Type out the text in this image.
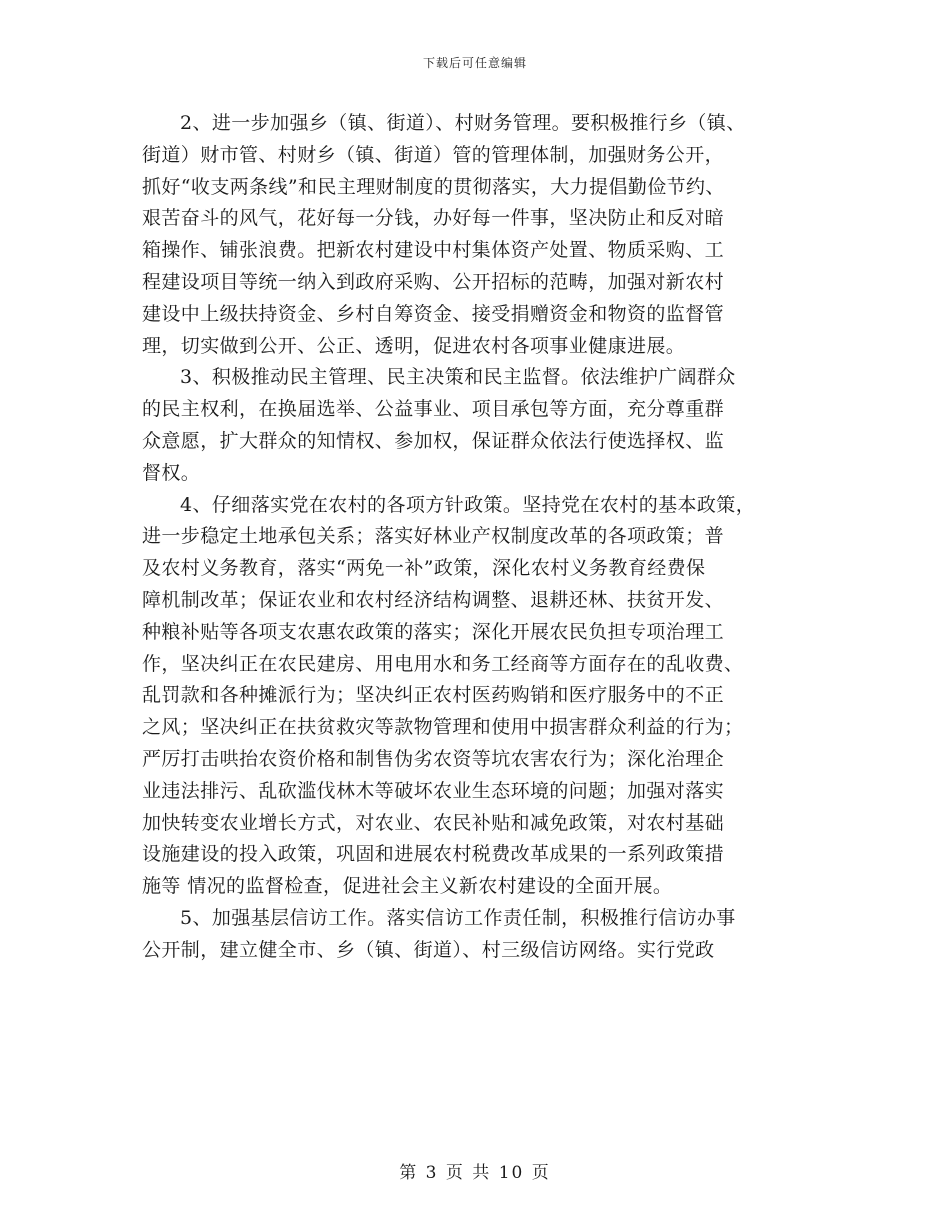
下载后可任意编辑
2、进一步加强乡（镇、街道）、村财务管理。要积极推行乡（镇、
街道）财市管、村财乡（镇、街道）管的管理体制，加强财务公开，
抓好“收支两条线”和民主理财制度的贯彻落实，大力提倡勤俭节约、
艰苦奋斗的风气，花好每一分钱，办好每一件事，坚决防止和反对暗
箱操作、铺张浪费。把新农村建设中村集体资产处置、物质采购、工
程建设项目等统一纳入到政府采购、公开招标的范畴，加强对新农村
建设中上级扶持资金、乡村自筹资金、接受捐赠资金和物资的监督管
理，切实做到公开、公正、透明，促进农村各项事业健康进展。
3、积极推动民主管理、民主决策和民主监督。依法维护广阔群众
的民主权利，在换届选举、公益事业、项目承包等方面，充分尊重群
众意愿，扩大群众的知情权、参加权，保证群众依法行使选择权、监
督权。
4、仔细落实党在农村的各项方针政策。坚持党在农村的基本政策，
进一步稳定土地承包关系；落实好林业产权制度改革的各项政策；普
及农村义务教育，落实“两免一补”政策，深化农村义务教育经费保
障机制改革；保证农业和农村经济结构调整、退耕还林、扶贫开发、
种粮补贴等各项支农惠农政策的落实；深化开展农民负担专项治理工
作，坚决纠正在农民建房、用电用水和务工经商等方面存在的乱收费、
乱罚款和各种摊派行为；坚决纠正农村医药购销和医疗服务中的不正
之风；坚决纠正在扶贫救灾等款物管理和使用中损害群众利益的行为；
严厉打击哄抬农资价格和制售伪劣农资等坑农害农行为；深化治理企
业违法排污、乱砍滥伐林木等破坏农业生态环境的问题；加强对落实
加快转变农业增长方式，对农业、农民补贴和减免政策，对农村基础
设施建设的投入政策，巩固和进展农村税费改革成果的一系列政策措
施等 情况的监督检查，促进社会主义新农村建设的全面开展。
5、加强基层信访工作。落实信访工作责任制，积极推行信访办事
公开制，建立健全市、乡（镇、街道）、村三级信访网络。实行党政
第 3 页 共 10 页
